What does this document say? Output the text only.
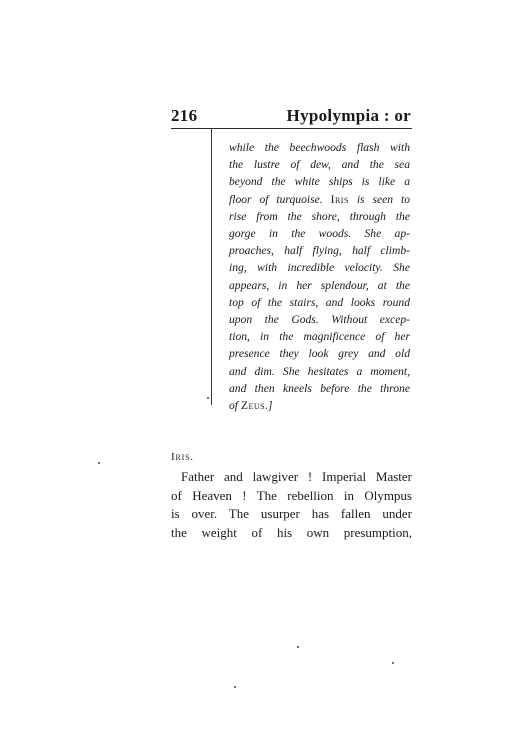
216	Hypolympia : or
while the beechwoods flash with
the lustre of dew, and the sea
beyond the white ships is like a
floor of turquoise. Iris is seen to
rise from the shore, through the
gorge in the woods. She ap-
proaches, half flying, half climb-
ing, with incredible velocity. She
appears, in her splendour, at the
top of the stairs, and looks round
upon the Gods. Without excep-
tion, in the magnificence of her
presence they look grey and old
and dim. She hesitates a moment,
and then kneels before the throne
of Zeus.]
Iris.
Father and lawgiver ! Imperial Master
of Heaven ! The rebellion in Olympus
is over. The usurper has fallen under
the weight of his own presumption,
